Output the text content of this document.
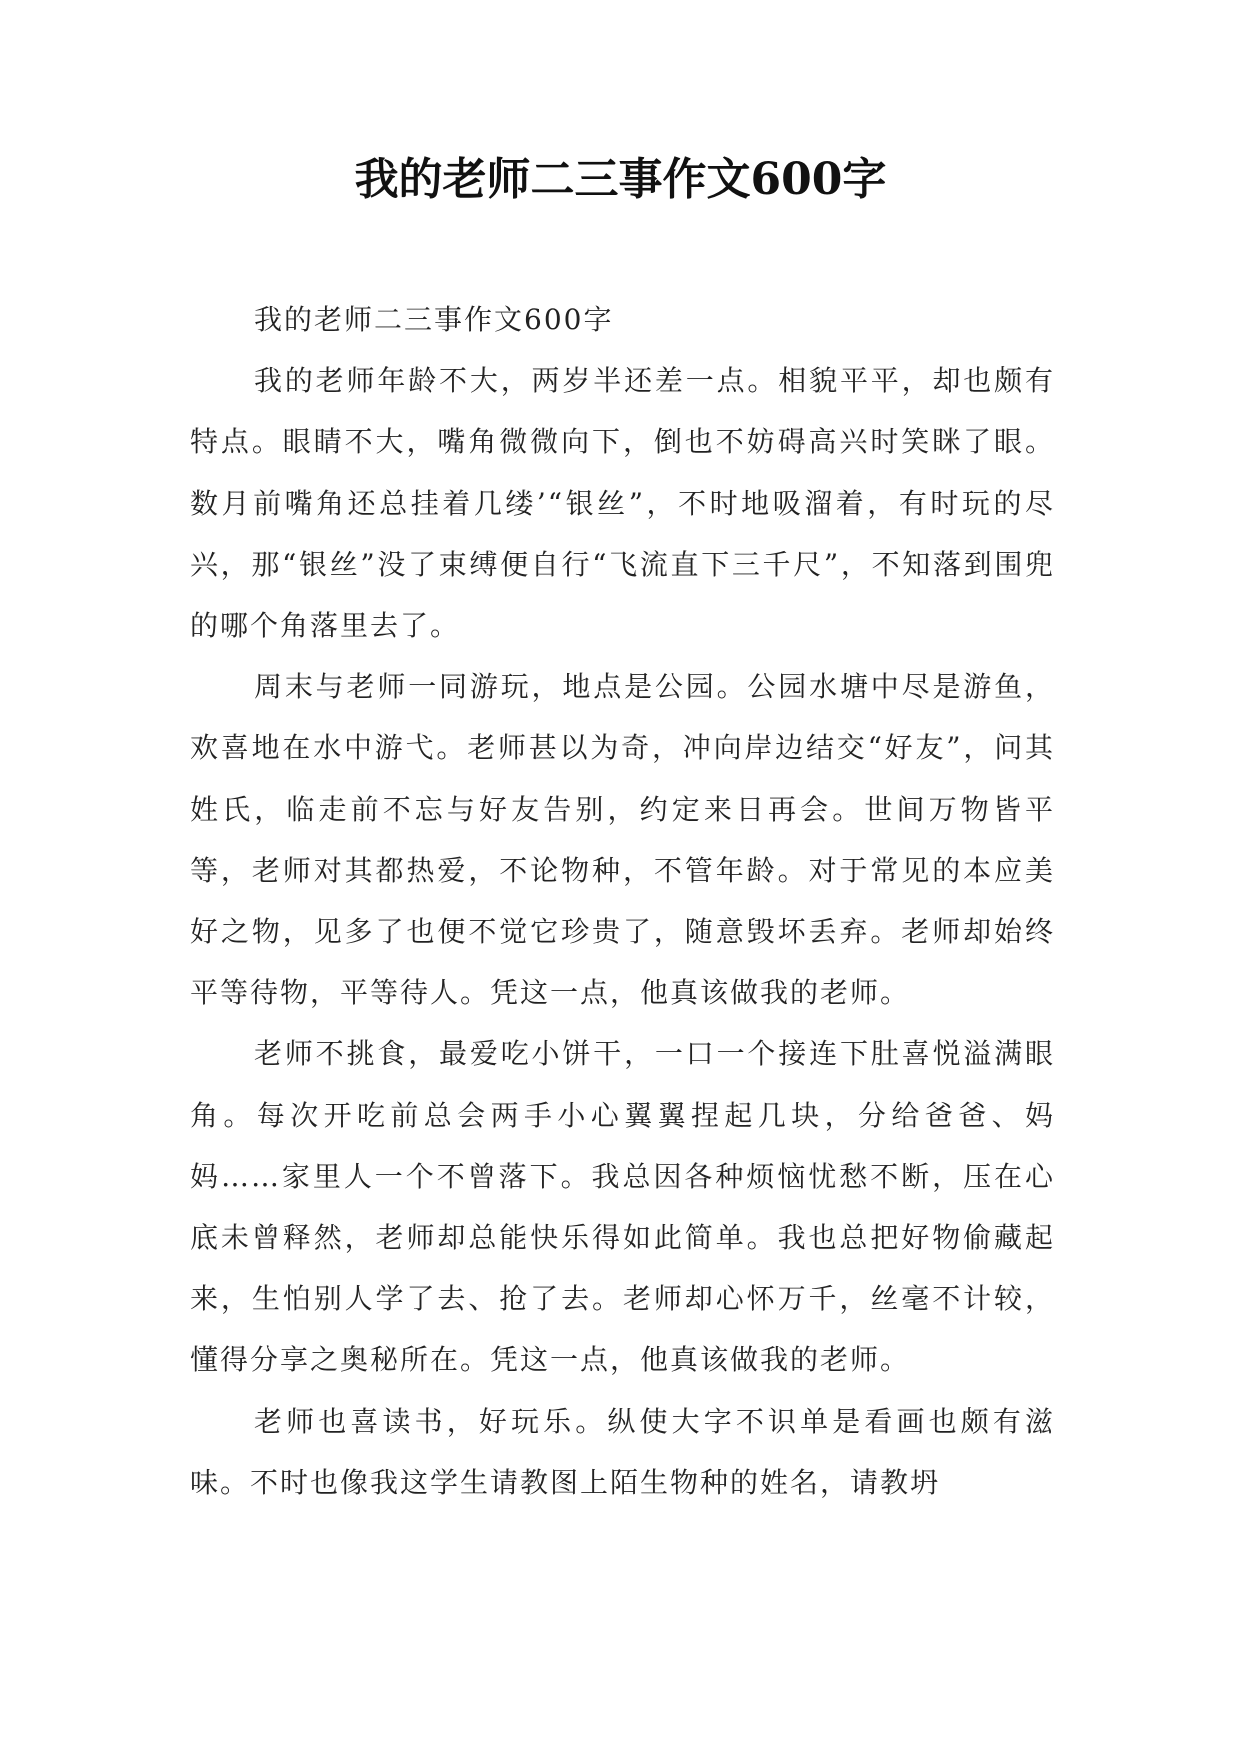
我的老师二三事作文600字

我的老师二三事作文600字

我的老师年龄不大，两岁半还差一点。相貌平平，却也颇有特点。眼睛不大，嘴角微微向下，倒也不妨碍高兴时笑眯了眼。数月前嘴角还总挂着几缕’“银丝”，不时地吸溜着，有时玩的尽兴，那“银丝”没了束缚便自行“飞流直下三千尺”，不知落到围兜的哪个角落里去了。

周末与老师一同游玩，地点是公园。公园水塘中尽是游鱼，欢喜地在水中游弋。老师甚以为奇，冲向岸边结交“好友”，问其姓氏，临走前不忘与好友告别，约定来日再会。世间万物皆平等，老师对其都热爱，不论物种，不管年龄。对于常见的本应美好之物，见多了也便不觉它珍贵了，随意毁坏丢弃。老师却始终平等待物，平等待人。凭这一点，他真该做我的老师。

老师不挑食，最爱吃小饼干，一口一个接连下肚喜悦溢满眼角。每次开吃前总会两手小心翼翼捏起几块，分给爸爸、妈妈……家里人一个不曾落下。我总因各种烦恼忧愁不断，压在心底未曾释然，老师却总能快乐得如此简单。我也总把好物偷藏起来，生怕别人学了去、抢了去。老师却心怀万千，丝毫不计较，懂得分享之奥秘所在。凭这一点，他真该做我的老师。

老师也喜读书，好玩乐。纵使大字不识单是看画也颇有滋味。不时也像我这学生请教图上陌生物种的姓名，请教坍
